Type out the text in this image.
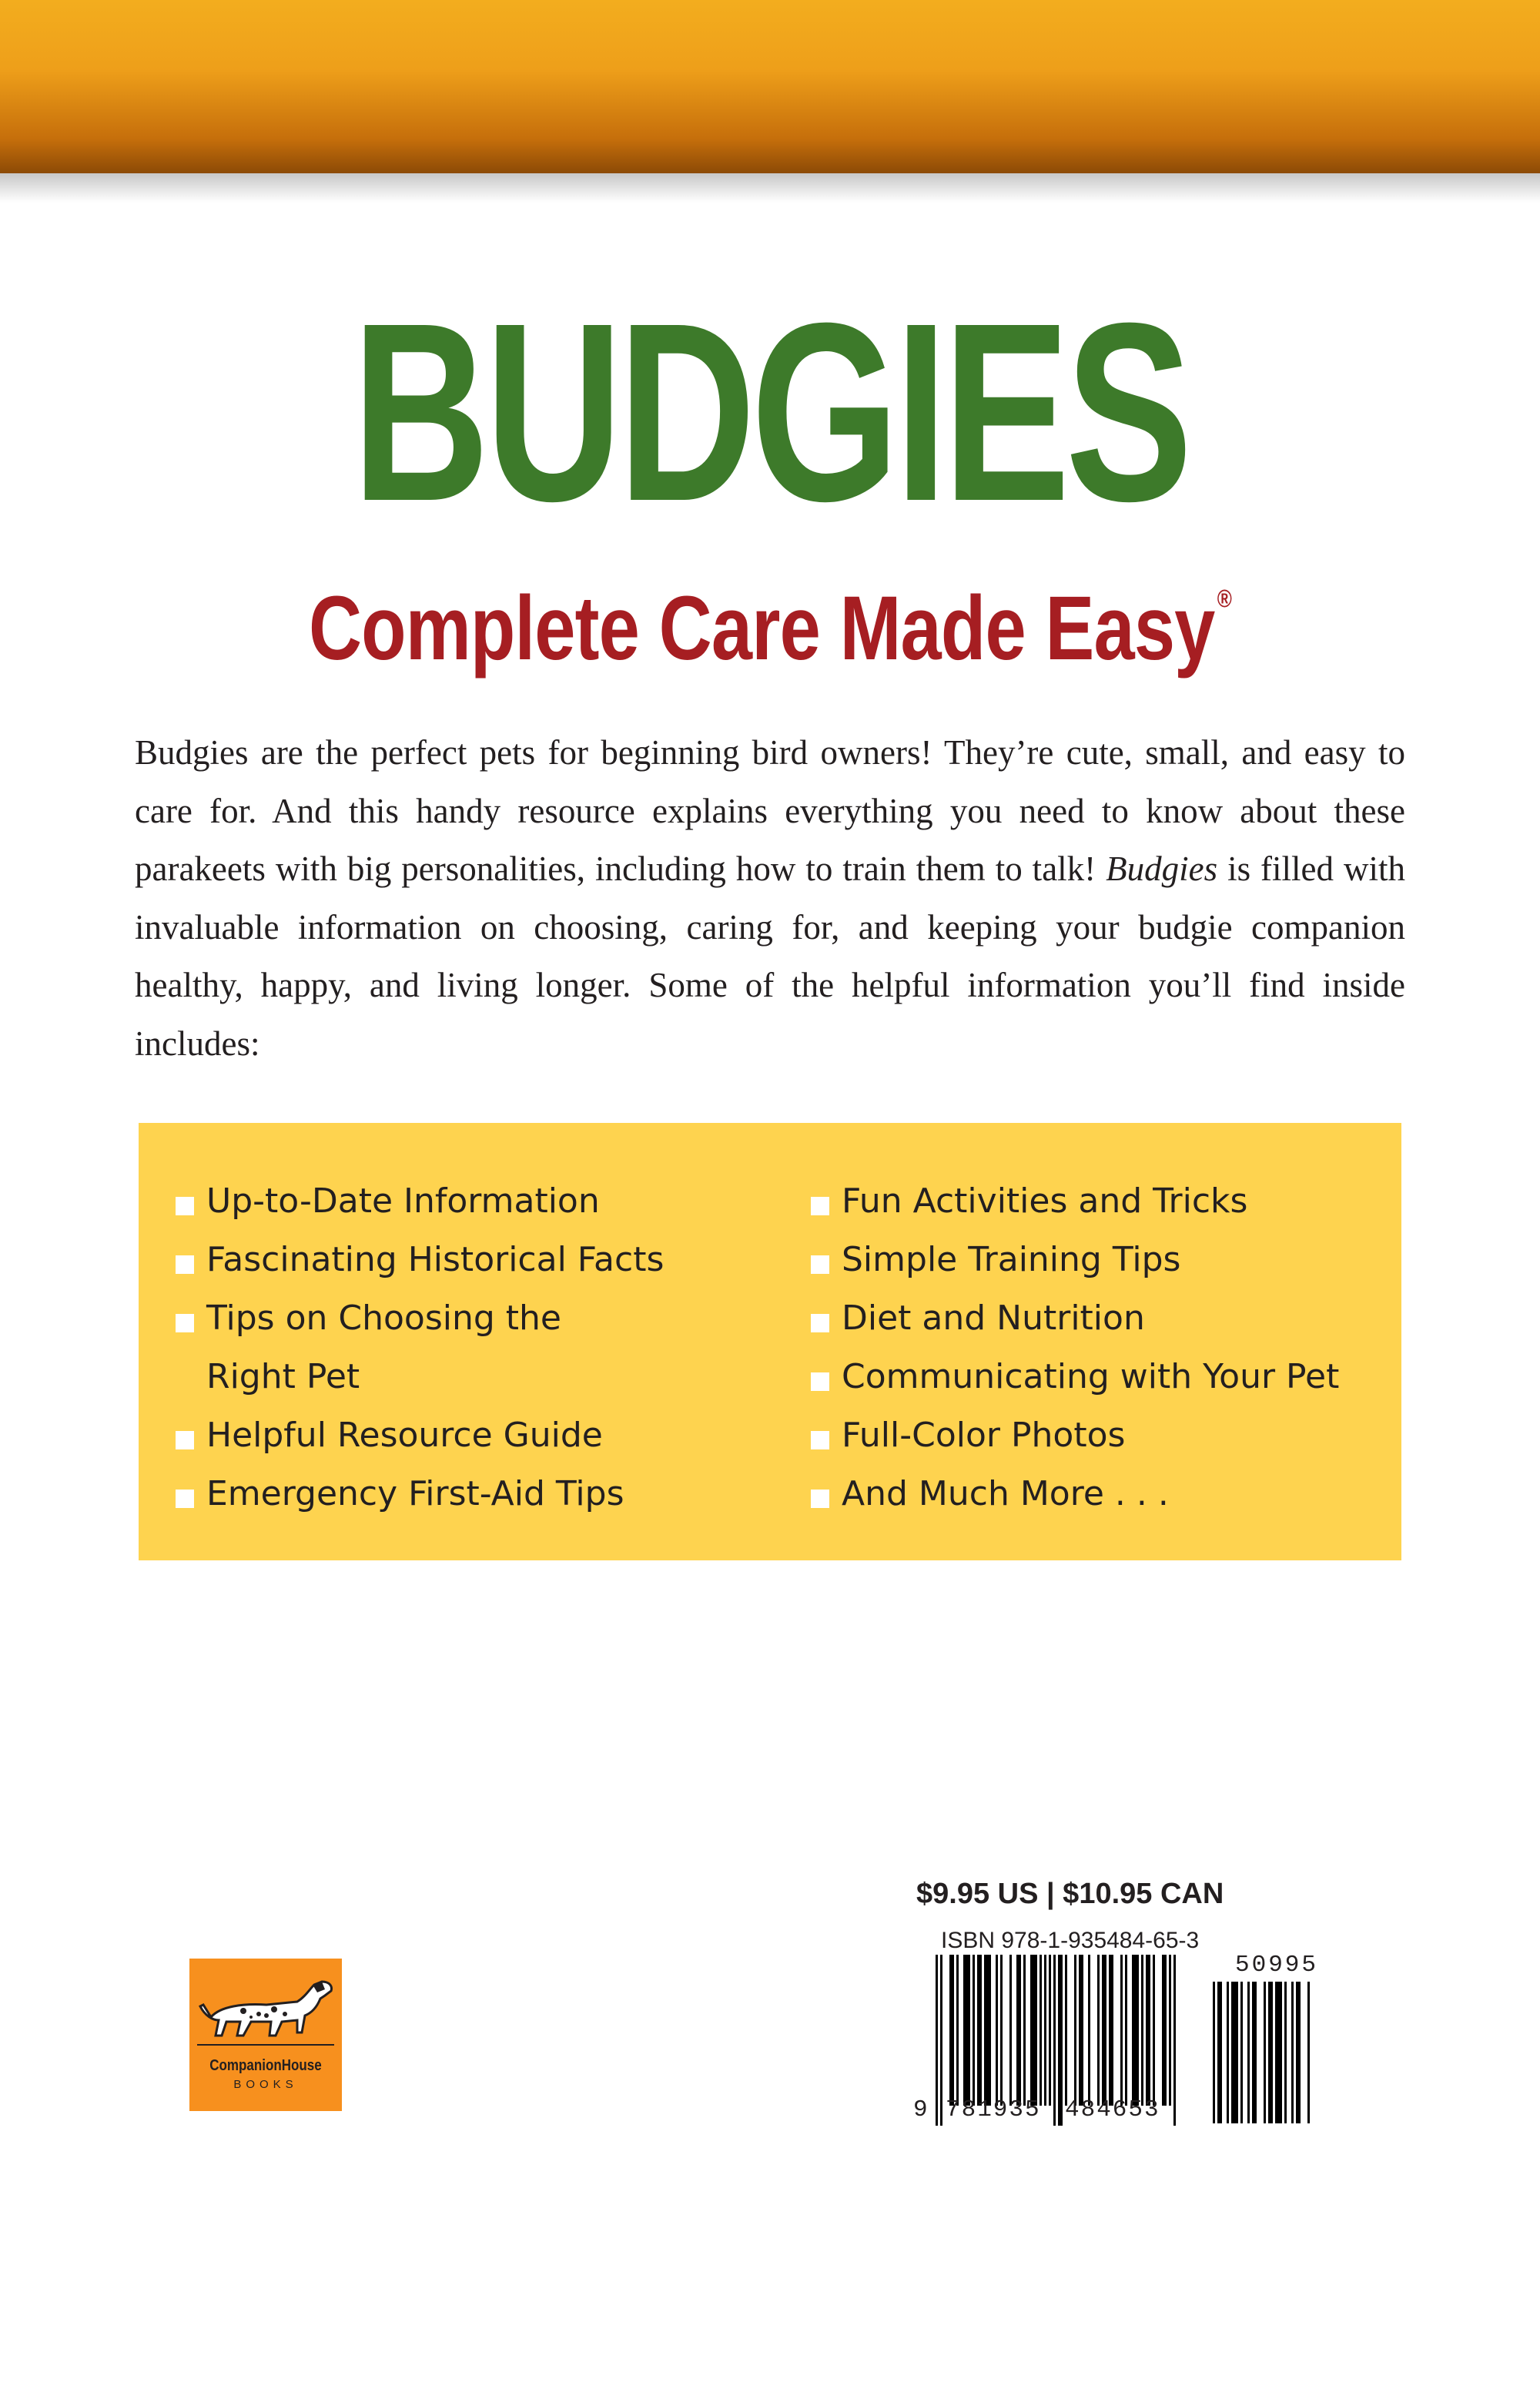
BUDGIES
Complete Care Made Easy ®

Budgies are the perfect pets for beginning bird owners! They’re cute, small, and easy to care for. And this handy resource explains everything you need to know about these parakeets with big personalities, including how to train them to talk! Budgies is filled with invaluable information on choosing, caring for, and keeping your budgie companion healthy, happy, and living longer. Some of the helpful information you’ll find inside includes:

Up-to-Date Information
Fascinating Historical Facts
Tips on Choosing the Right Pet
Helpful Resource Guide
Emergency First-Aid Tips
Fun Activities and Tricks
Simple Training Tips
Diet and Nutrition
Communicating with Your Pet
Full-Color Photos
And Much More . . .
$9.95 US | $10.95 CAN
ISBN 978-1-935484-65-3
9 781935 484653
50995
CompanionHouse
BOOKS
